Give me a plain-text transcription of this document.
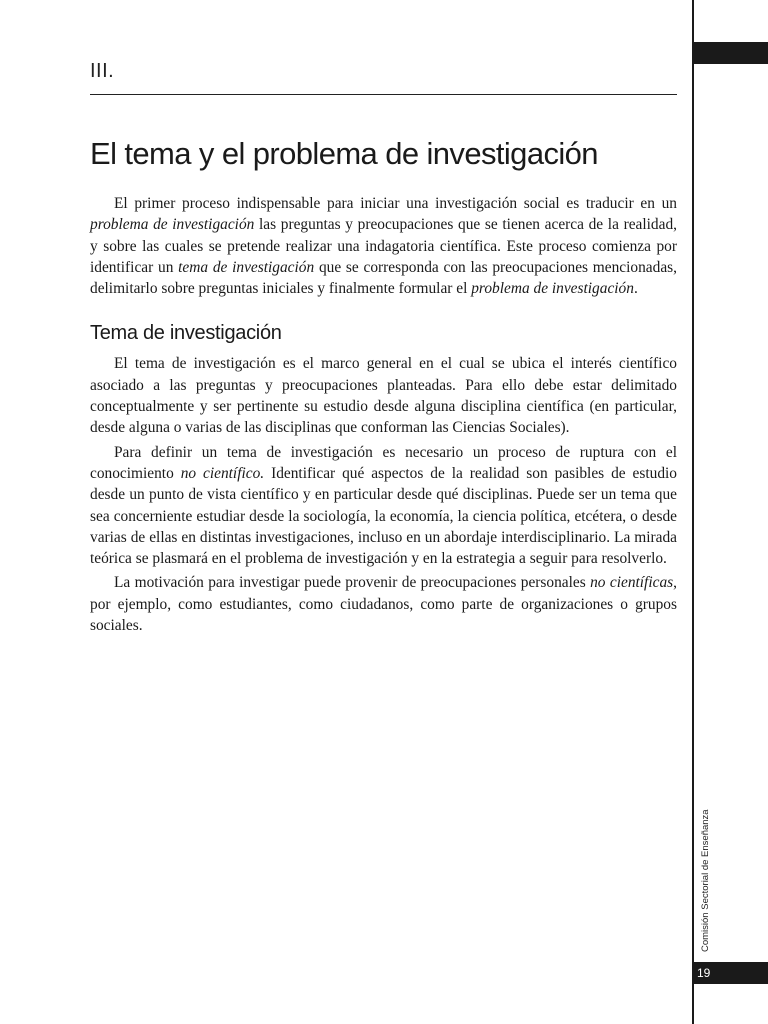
19
Comisión Sectorial de Enseñanza
III.
El tema y el problema de investigación

El primer proceso indispensable para iniciar una investigación social es traducir en un problema de investigación las preguntas y preocupaciones que se tienen acerca de la realidad, y sobre las cuales se pretende realizar una indagatoria científica. Este proceso comienza por identificar un tema de investigación que se corresponda con las preocupaciones mencionadas, delimitarlo sobre preguntas iniciales y finalmente formular el problema de investigación.

Tema de investigación

El tema de investigación es el marco general en el cual se ubica el interés científico asociado a las preguntas y preocupaciones planteadas. Para ello debe estar delimitado conceptualmente y ser pertinente su estudio desde alguna disciplina científica (en particular, desde alguna o varias de las disciplinas que conforman las Ciencias Sociales).

Para definir un tema de investigación es necesario un proceso de ruptura con el conocimiento no científico. Identificar qué aspectos de la realidad son pasibles de estudio desde un punto de vista científico y en particular desde qué disciplinas. Puede ser un tema que sea concerniente estudiar desde la sociología, la economía, la ciencia política, etcétera, o desde varias de ellas en distintas investigaciones, incluso en un abordaje interdisciplinario. La mirada teórica se plasmará en el problema de investigación y en la estrategia a seguir para resolverlo.

La motivación para investigar puede provenir de preocupaciones personales no científicas, por ejemplo, como estudiantes, como ciudadanos, como parte de organizaciones o grupos sociales.
